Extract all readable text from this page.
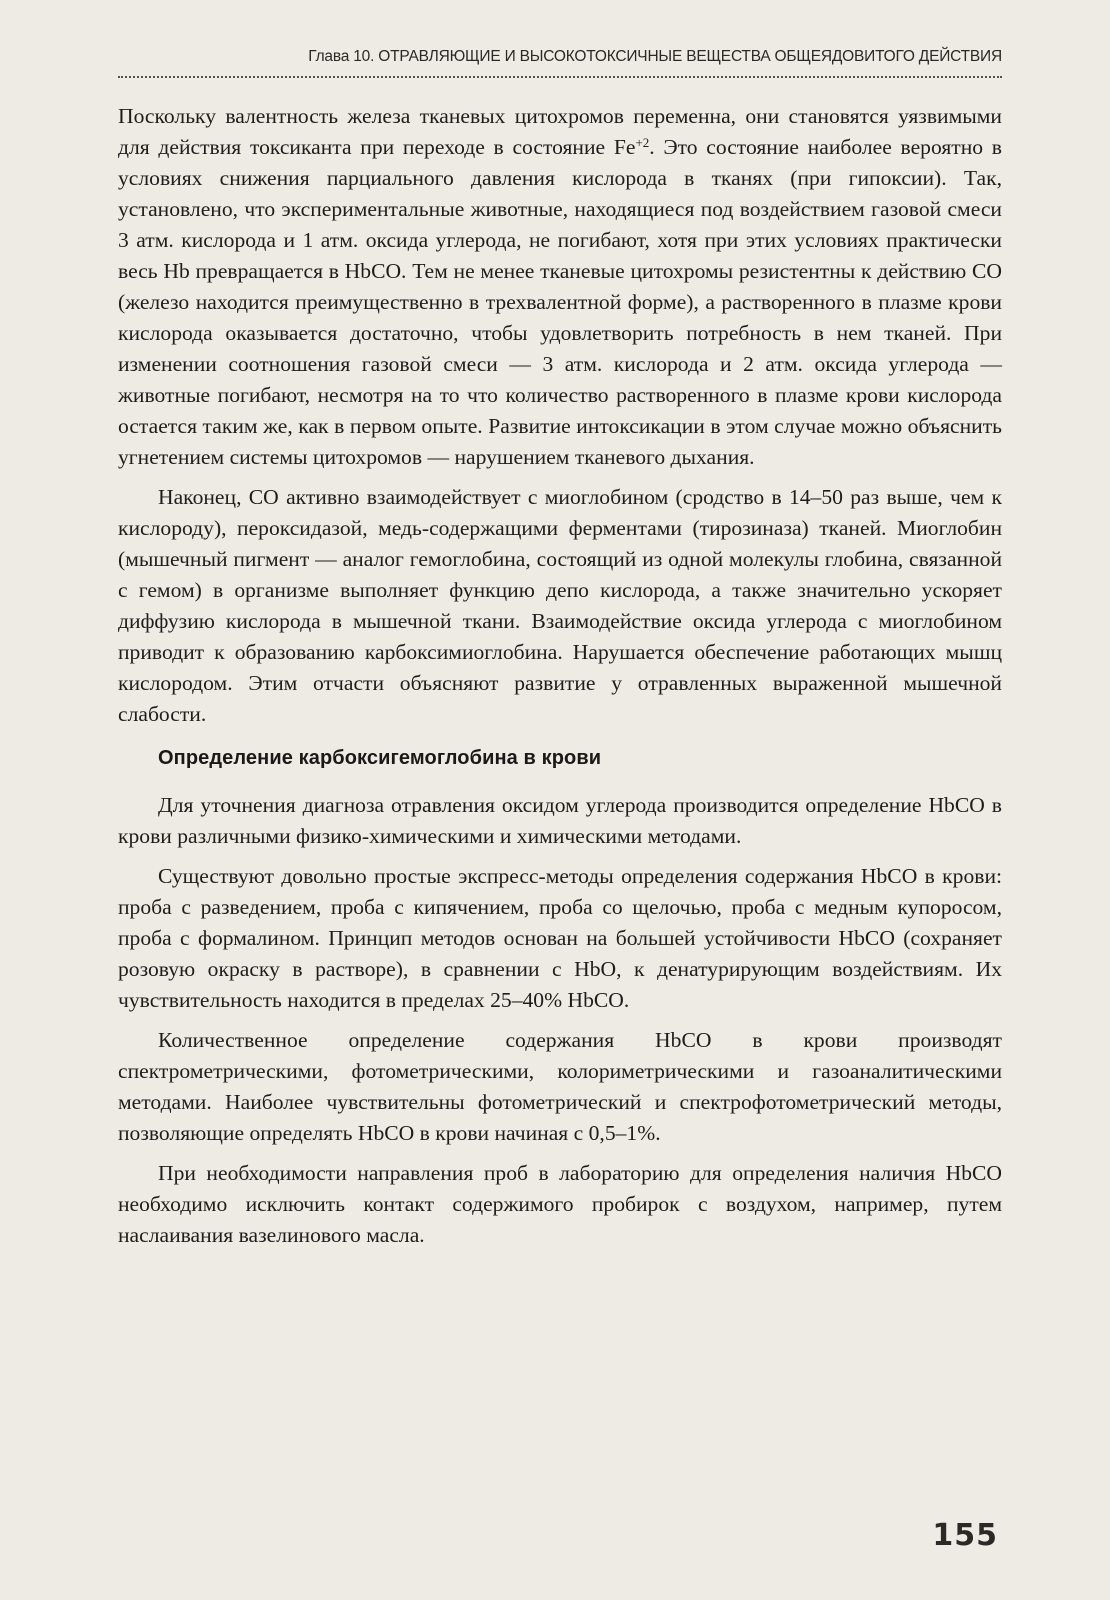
Глава 10. ОТРАВЛЯЮЩИЕ И ВЫСОКОТОКСИЧНЫЕ ВЕЩЕСТВА ОБЩЕЯДОВИТОГО ДЕЙСТВИЯ

Поскольку валентность железа тканевых цитохромов переменна, они становятся уязвимыми для действия токсиканта при переходе в состояние $Fe^{+2}$. Это состояние наиболее вероятно в условиях снижения парциального давления кислорода в тканях (при гипоксии). Так, установлено, что экспериментальные животные, находящиеся под воздействием газовой смеси 3 атм. кислорода и 1 атм. оксида углерода, не погибают, хотя при этих условиях практически весь Hb превращается в HbCO. Тем не менее тканевые цитохромы резистентны к действию CO (железо находится преимущественно в трехвалентной форме), а растворенного в плазме крови кислорода оказывается достаточно, чтобы удовлетворить потребность в нем тканей. При изменении соотношения газовой смеси — 3 атм. кислорода и 2 атм. оксида углерода — животные погибают, несмотря на то что количество растворенного в плазме крови кислорода остается таким же, как в первом опыте. Развитие интоксикации в этом случае можно объяснить угнетением системы цитохромов — нарушением тканевого дыхания.

Наконец, CO активно взаимодействует с миоглобином (сродство в 14–50 раз выше, чем к кислороду), пероксидазой, медь-содержащими ферментами (тирозиназа) тканей. Миоглобин (мышечный пигмент — аналог гемоглобина, состоящий из одной молекулы глобина, связанной с гемом) в организме выполняет функцию депо кислорода, а также значительно ускоряет диффузию кислорода в мышечной ткани. Взаимодействие оксида углерода с миоглобином приводит к образованию карбоксимиоглобина. Нарушается обеспечение работающих мышц кислородом. Этим отчасти объясняют развитие у отравленных выраженной мышечной слабости.

Определение карбоксигемоглобина в крови

Для уточнения диагноза отравления оксидом углерода производится определение HbCO в крови различными физико-химическими и химическими методами.

Существуют довольно простые экспресс-методы определения содержания HbCO в крови: проба с разведением, проба с кипячением, проба со щелочью, проба с медным купоросом, проба с формалином. Принцип методов основан на большей устойчивости HbCO (сохраняет розовую окраску в растворе), в сравнении с HbO, к денатурирующим воздействиям. Их чувствительность находится в пределах 25–40% HbCO.

Количественное определение содержания HbCO в крови производят спектрометрическими, фотометрическими, колориметрическими и газоаналитическими методами. Наиболее чувствительны фотометрический и спектрофотометрический методы, позволяющие определять HbCO в крови начиная с 0,5–1%.

При необходимости направления проб в лабораторию для определения наличия HbCO необходимо исключить контакт содержимого пробирок с воздухом, например, путем наслаивания вазелинового масла.

155
